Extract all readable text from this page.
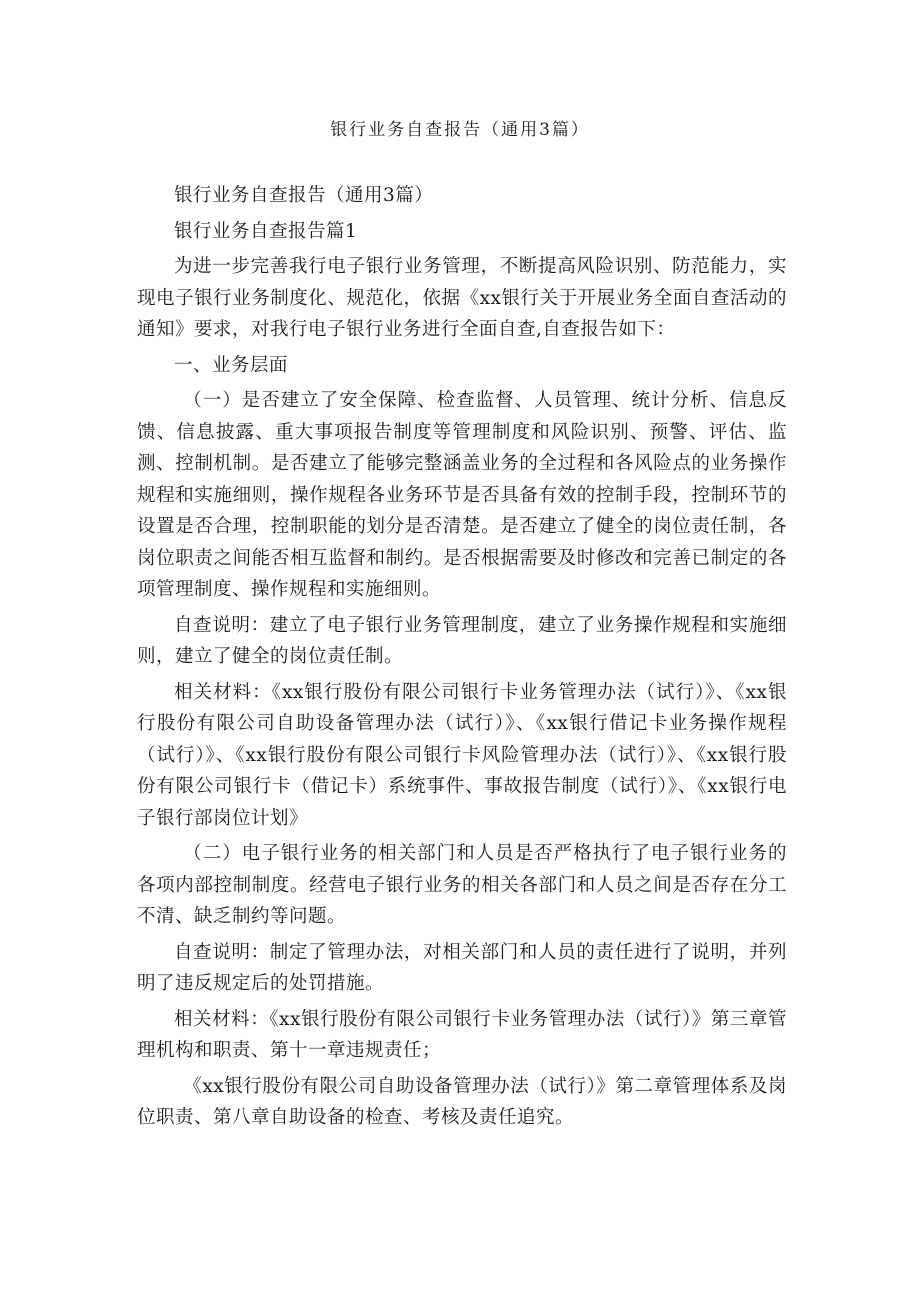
银行业务自查报告（通用3篇）

银行业务自查报告（通用3篇）

银行业务自查报告篇1

为进一步完善我行电子银行业务管理，不断提高风险识别、防范能力，实现电子银行业务制度化、规范化，依据《xx银行关于开展业务全面自查活动的通知》要求，对我行电子银行业务进行全面自查,自查报告如下：

一、业务层面

（一）是否建立了安全保障、检查监督、人员管理、统计分析、信息反馈、信息披露、重大事项报告制度等管理制度和风险识别、预警、评估、监测、控制机制。是否建立了能够完整涵盖业务的全过程和各风险点的业务操作规程和实施细则，操作规程各业务环节是否具备有效的控制手段，控制环节的设置是否合理，控制职能的划分是否清楚。是否建立了健全的岗位责任制，各岗位职责之间能否相互监督和制约。是否根据需要及时修改和完善已制定的各项管理制度、操作规程和实施细则。

自查说明：建立了电子银行业务管理制度，建立了业务操作规程和实施细则，建立了健全的岗位责任制。

相关材料：《xx银行股份有限公司银行卡业务管理办法（试行）》、《xx银行股份有限公司自助设备管理办法（试行）》、《xx银行借记卡业务操作规程（试行）》、《xx银行股份有限公司银行卡风险管理办法（试行）》、《xx银行股份有限公司银行卡（借记卡）系统事件、事故报告制度（试行）》、《xx银行电子银行部岗位计划》

（二）电子银行业务的相关部门和人员是否严格执行了电子银行业务的各项内部控制制度。经营电子银行业务的相关各部门和人员之间是否存在分工不清、缺乏制约等问题。

自查说明：制定了管理办法，对相关部门和人员的责任进行了说明，并列明了违反规定后的处罚措施。

相关材料：《xx银行股份有限公司银行卡业务管理办法（试行）》第三章管理机构和职责、第十一章违规责任；

《xx银行股份有限公司自助设备管理办法（试行）》第二章管理体系及岗位职责、第八章自助设备的检查、考核及责任追究。
